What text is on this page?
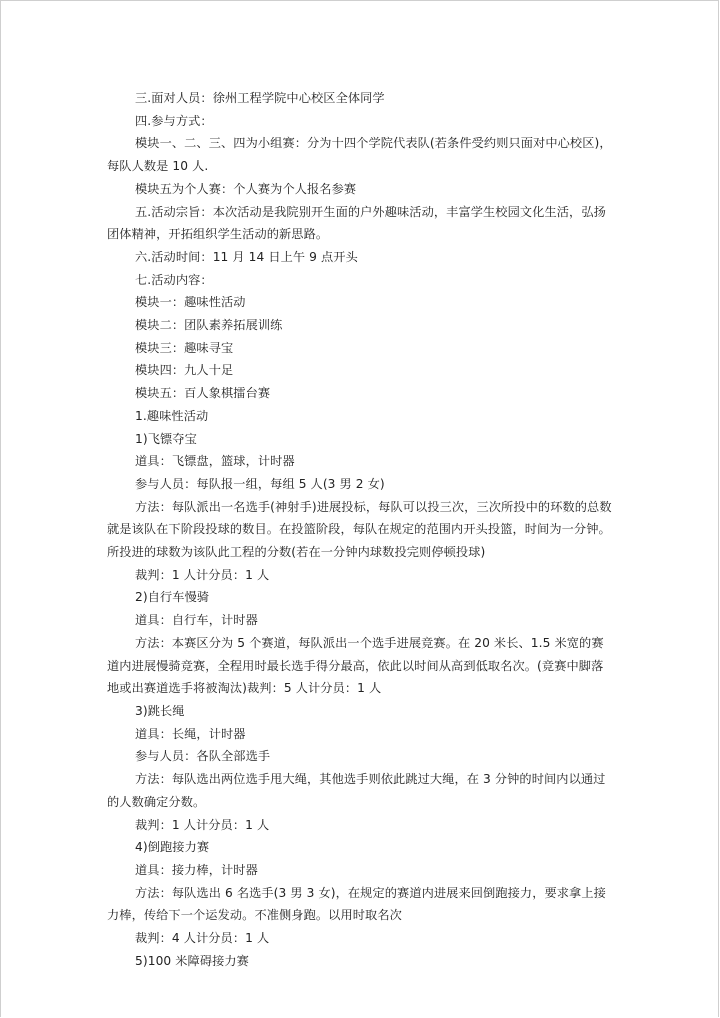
三.面对人员：徐州工程学院中心校区全体同学

四.参与方式：

模块一、二、三、四为小组赛：分为十四个学院代表队(若条件受约则只面对中心校区)，每队人数是 10 人.

模块五为个人赛：个人赛为个人报名参赛

五.活动宗旨：本次活动是我院别开生面的户外趣味活动，丰富学生校园文化生活，弘扬团体精神，开拓组织学生活动的新思路。

六.活动时间：11 月 14 日上午 9 点开头

七.活动内容：

模块一：趣味性活动

模块二：团队素养拓展训练

模块三：趣味寻宝

模块四：九人十足

模块五：百人象棋擂台赛

1.趣味性活动

1)飞镖夺宝

道具：飞镖盘，篮球，计时器

参与人员：每队报一组，每组 5 人(3 男 2 女)

方法：每队派出一名选手(神射手)进展投标，每队可以投三次，三次所投中的环数的总数就是该队在下阶段投球的数目。在投篮阶段，每队在规定的范围内开头投篮，时间为一分钟。所投进的球数为该队此工程的分数(若在一分钟内球数投完则停顿投球)

裁判：1 人计分员：1 人

2)自行车慢骑

道具：自行车，计时器

方法：本赛区分为 5 个赛道，每队派出一个选手进展竞赛。在 20 米长、1.5 米宽的赛道内进展慢骑竞赛，全程用时最长选手得分最高，依此以时间从高到低取名次。(竞赛中脚落地或出赛道选手将被淘汰)裁判：5 人计分员：1 人

3)跳长绳

道具：长绳，计时器

参与人员：各队全部选手

方法：每队选出两位选手甩大绳，其他选手则依此跳过大绳，在 3 分钟的时间内以通过的人数确定分数。

裁判：1 人计分员：1 人

4)倒跑接力赛

道具：接力棒，计时器

方法：每队选出 6 名选手(3 男 3 女)，在规定的赛道内进展来回倒跑接力，要求拿上接力棒，传给下一个运发动。不准侧身跑。以用时取名次

裁判：4 人计分员：1 人

5)100 米障碍接力赛
